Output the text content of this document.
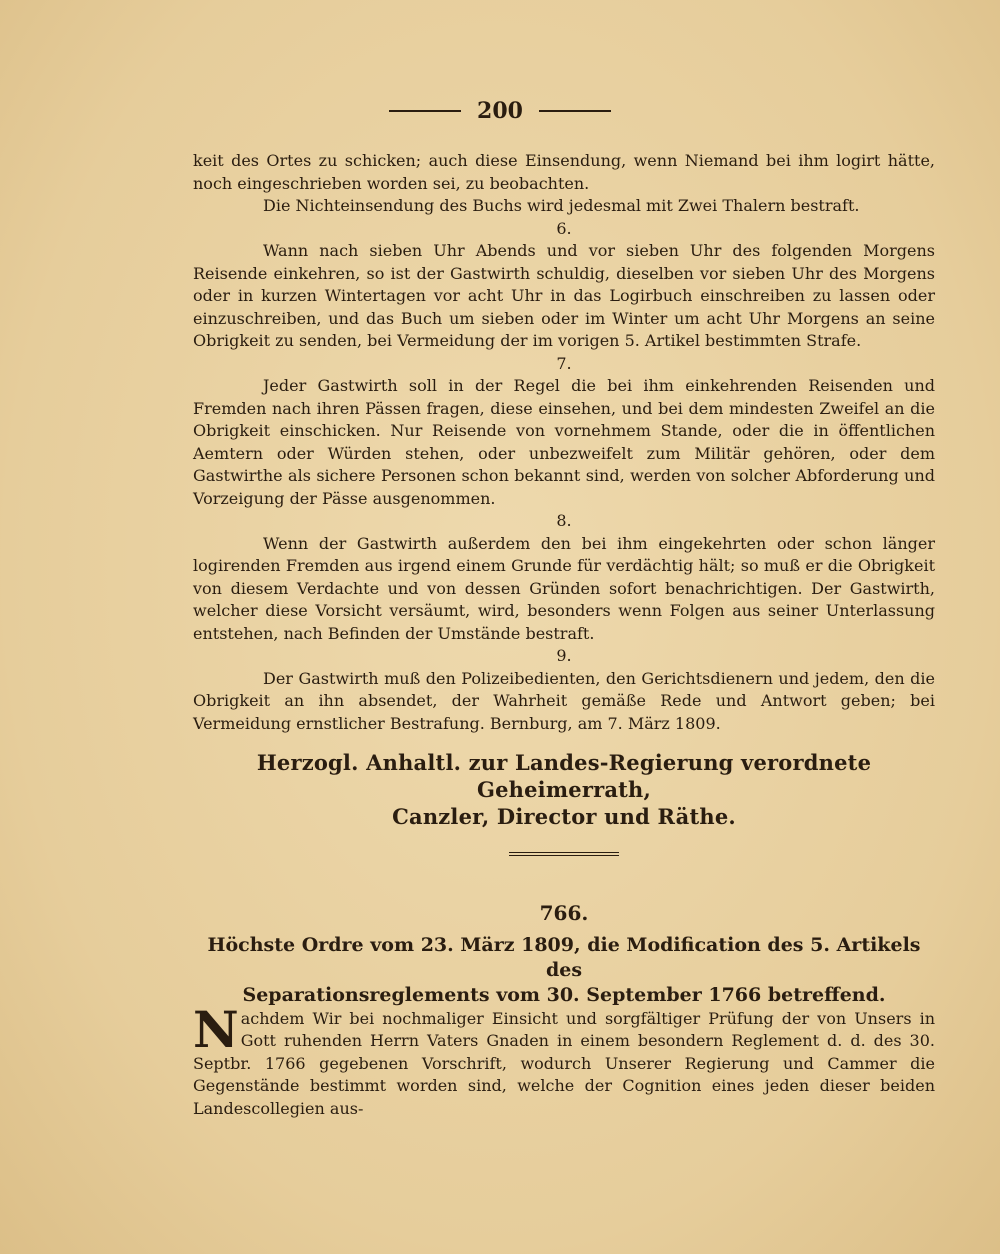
200

keit des Ortes zu schicken; auch diese Einsendung, wenn Niemand bei ihm logirt hätte, noch eingeschrieben worden sei, zu beobachten.

Die Nichteinsendung des Buchs wird jedesmal mit Zwei Thalern bestraft.

6.

Wann nach sieben Uhr Abends und vor sieben Uhr des folgenden Morgens Reisende einkehren, so ist der Gastwirth schuldig, dieselben vor sieben Uhr des Morgens oder in kurzen Wintertagen vor acht Uhr in das Logirbuch einschreiben zu lassen oder einzuschreiben, und das Buch um sieben oder im Winter um acht Uhr Morgens an seine Obrigkeit zu senden, bei Vermeidung der im vorigen 5. Artikel bestimmten Strafe.

7.

Jeder Gastwirth soll in der Regel die bei ihm einkehrenden Reisenden und Fremden nach ihren Pässen fragen, diese einsehen, und bei dem mindesten Zweifel an die Obrigkeit einschicken. Nur Reisende von vornehmem Stande, oder die in öffentlichen Aemtern oder Würden stehen, oder unbezweifelt zum Militär gehören, oder dem Gastwirthe als sichere Personen schon bekannt sind, werden von solcher Abforderung und Vorzeigung der Pässe ausgenommen.

8.

Wenn der Gastwirth außerdem den bei ihm eingekehrten oder schon länger logirenden Fremden aus irgend einem Grunde für verdächtig hält; so muß er die Obrigkeit von diesem Verdachte und von dessen Gründen sofort benachrichtigen. Der Gastwirth, welcher diese Vorsicht versäumt, wird, besonders wenn Folgen aus seiner Unterlassung entstehen, nach Befinden der Umstände bestraft.

9.

Der Gastwirth muß den Polizeibedienten, den Gerichtsdienern und jedem, den die Obrigkeit an ihn absendet, der Wahrheit gemäße Rede und Antwort geben; bei Vermeidung ernstlicher Bestrafung. Bernburg, am 7. März 1809.

Herzogl. Anhaltl. zur Landes-Regierung verordnete Geheimerrath,
Canzler, Director und Räthe.
766.
Höchste Ordre vom 23. März 1809, die Modification des 5. Artikels des
Separationsreglements vom 30. September 1766 betreffend.

Nachdem Wir bei nochmaliger Einsicht und sorgfältiger Prüfung der von Unsers in Gott ruhenden Herrn Vaters Gnaden in einem besondern Reglement d. d. des 30. Septbr. 1766 gegebenen Vorschrift, wodurch Unserer Regierung und Cammer die Gegenstände bestimmt worden sind, welche der Cognition eines jeden dieser beiden Landescollegien aus-
